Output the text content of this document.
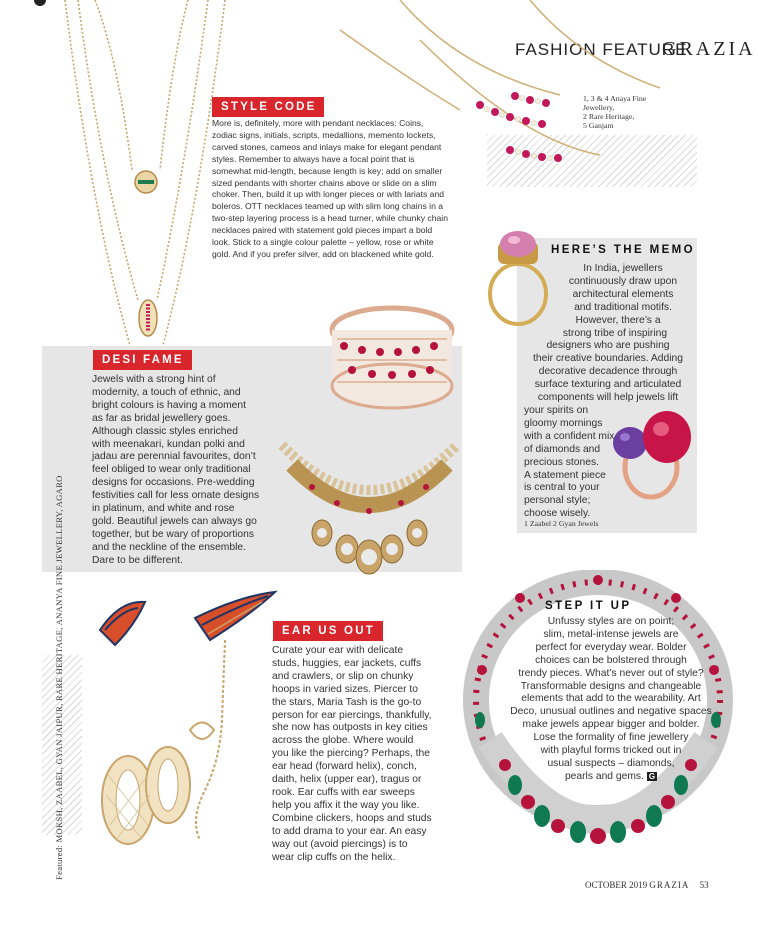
FASHION FEATURE
GRAZIA
1, 3 & 4 Anaya Fine
Jewellery,
2 Rare Heritage,
5 Ganjam
STYLE CODE
More is, definitely, more with pendant necklaces: Coins,
zodiac signs, initials, scripts, medallions, memento lockets,
carved stones, cameos and inlays make for elegant pendant
styles. Remember to always have a focal point that is
somewhat mid-length, because length is key; add on smaller
sized pendants with shorter chains above or slide on a slim
choker. Then, build it up with longer pieces or with lariats and
boleros. OTT necklaces teamed up with slim long chains in a
two-step layering process is a head turner, while chunky chain
necklaces paired with statement gold pieces impart a bold
look. Stick to a single colour palette – yellow, rose or white
gold. And if you prefer silver, add on blackened white gold.	HERE’S THE MEMO
In India, jewellers
continuously draw upon
architectural elements
and traditional motifs.
However, there’s a
strong tribe of inspiring
designers who are pushing
their creative boundaries. Adding
decorative decadence through
surface texturing and articulated
components will help jewels lift
your spirits on
gloomy mornings
with a confident mix
of diamonds and
precious stones.
A statement piece
is central to your
personal style;
choose wisely.
1 Zaabel 2 Gyan Jewels
DESI FAME
Jewels with a strong hint of
modernity, a touch of ethnic, and
bright colours is having a moment
as far as bridal jewellery goes.
Although classic styles enriched
with meenakari, kundan polki and
jadau are perennial favourites, don’t
feel obliged to wear only traditional
designs for occasions. Pre-wedding
festivities call for less ornate designs
in platinum, and white and rose
gold. Beautiful jewels can always go
together, but be wary of proportions
and the neckline of the ensemble.
Dare to be different.
Featured: MOKSH, ZAABEL, GYAN JAIPUR, RARE HERITAGE, ANANYA FINE JEWELLERY, AGARO	EAR US OUT
Curate your ear with delicate
studs, huggies, ear jackets, cuffs
and crawlers, or slip on chunky
hoops in varied sizes. Piercer to
the stars, Maria Tash is the go-to
person for ear piercings, thankfully,
she now has outposts in key cities
across the globe. Where would
you like the piercing? Perhaps, the
ear head (forward helix), conch,
daith, helix (upper ear), tragus or
rook. Ear cuffs with ear sweeps
help you affix it the way you like.
Combine clickers, hoops and studs
to add drama to your ear. An easy
way out (avoid piercings) is to
wear clip cuffs on the helix.
STEP IT UP
Unfussy styles are on point;
slim, metal-intense jewels are
perfect for everyday wear. Bolder
choices can be bolstered through
trendy pieces. What’s never out of style?
Transformable designs and changeable
elements that add to the wearability. Art
Deco, unusual outlines and negative spaces
make jewels appear bigger and bolder.
Lose the formality of fine jewellery
with playful forms tricked out in
usual suspects – diamonds,
pearls and gems. G
OCTOBER 2019 GRAZIA 53
